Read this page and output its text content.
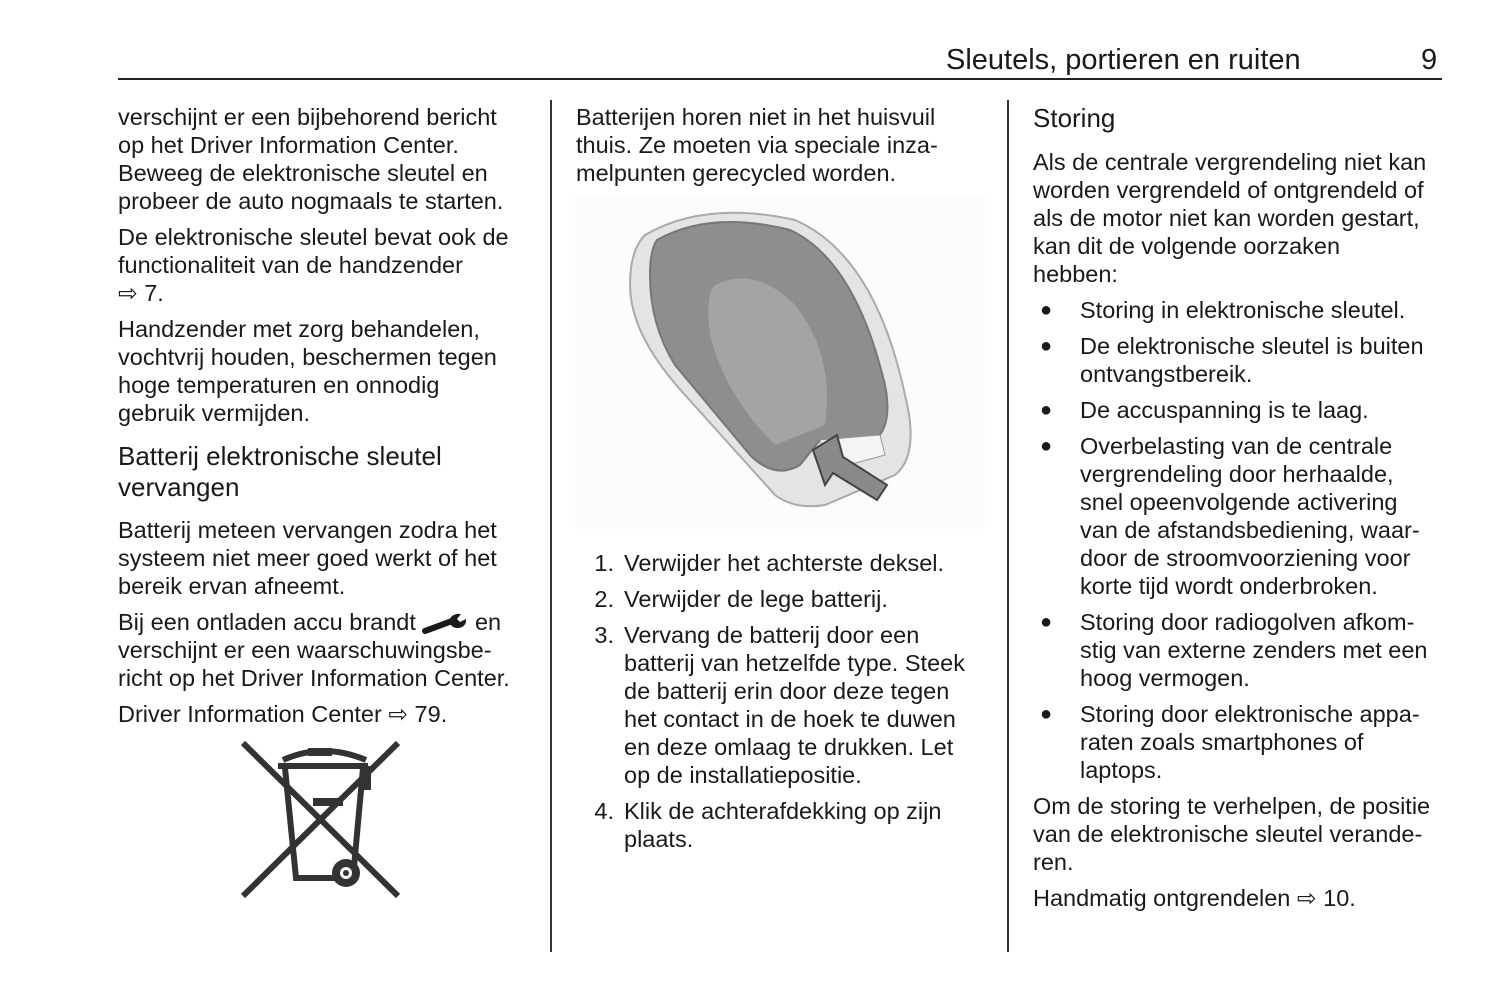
Sleutels, portieren en ruiten	9

verschijnt er een bijbehorend bericht
op het Driver Information Center.
Beweeg de elektronische sleutel en
probeer de auto nogmaals te starten.

De elektronische sleutel bevat ook de
functionaliteit van de handzender
⇨ 7.

Handzender met zorg behandelen,
vochtvrij houden, beschermen tegen
hoge temperaturen en onnodig
gebruik vermijden.

Batterij elektronische sleutel
vervangen

Batterij meteen vervangen zodra het
systeem niet meer goed werkt of het
bereik ervan afneemt.

Bij een ontladen accu brandt  en
verschijnt er een waarschuwingsbe-
richt op het Driver Information Center.

Driver Information Center ⇨ 79.

Batterijen horen niet in het huisvuil
thuis. Ze moeten via speciale inza-
melpunten gerecycled worden.

1. Verwijder het achterste deksel.
2. Verwijder de lege batterij.
3. Vervang de batterij door een
batterij van hetzelfde type. Steek
de batterij erin door deze tegen
het contact in de hoek te duwen
en deze omlaag te drukken. Let
op de installatiepositie.
4. Klik de achterafdekking op zijn
plaats.
Storing

Als de centrale vergrendeling niet kan
worden vergrendeld of ontgrendeld of
als de motor niet kan worden gestart,
kan dit de volgende oorzaken
hebben:

●	Storing in elektronische sleutel.
●	De elektronische sleutel is buiten
ontvangstbereik.
●	De accuspanning is te laag.
●	Overbelasting van de centrale
vergrendeling door herhaalde,
snel opeenvolgende activering
van de afstandsbediening, waar-
door de stroomvoorziening voor
korte tijd wordt onderbroken.
●	Storing door radiogolven afkom-
stig van externe zenders met een
hoog vermogen.
●	Storing door elektronische appa-
raten zoals smartphones of
laptops.

Om de storing te verhelpen, de positie
van de elektronische sleutel verande-
ren.

Handmatig ontgrendelen ⇨ 10.
